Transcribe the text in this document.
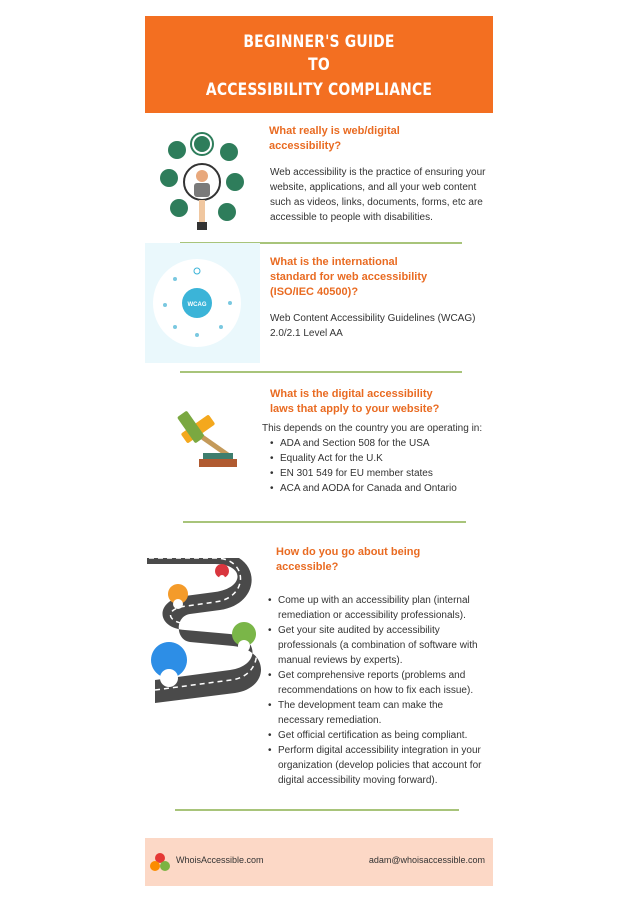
BEGINNER'S GUIDE
TO
ACCESSIBILITY COMPLIANCE
What really is web/digital
accessibility?
Web accessibility is the practice of ensuring your
website, applications, and all your web content
such as videos, links, documents, forms, etc are
accessible to people with disabilities.
WCAG
What is the international
standard for web accessibility
(ISO/IEC 40500)?
Web Content Accessibility Guidelines (WCAG)
2.0/2.1 Level AA
What is the digital accessibility
laws that apply to your website?
This depends on the country you are operating in:
• ADA and Section 508 for the USA
• Equality Act for the U.K
• EN 301 549 for EU member states
• ACA and AODA for Canada and Ontario
How do you go about being
accessible?
• Come up with an accessibility plan (internal
remediation or accessibility professionals).
• Get your site audited by accessibility
professionals (a combination of software with
manual reviews by experts).
• Get comprehensive reports (problems and
recommendations on how to fix each issue).
• The development team can make the
necessary remediation.
• Get official certification as being compliant.
• Perform digital accessibility integration in your
organization (develop policies that account for
digital accessibility moving forward).
WhoisAccessible.com	adam@whoisaccessible.com
